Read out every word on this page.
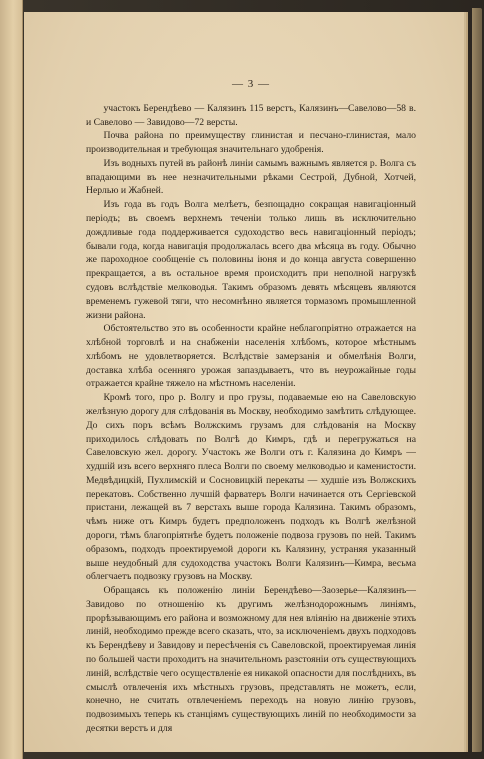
— 3 —

участокъ Берендѣево — Калязинъ 115 верстъ, Калязинъ—Савелово—58 в. и Савелово — Завидово—72 версты.

Почва района по преимуществу глинистая и песчано-глинистая, мало производительная и требующая значительнаго удобренія.

Изъ водныхъ путей въ районѣ линіи самымъ важнымъ является р. Волга съ впадающими въ нее незначительными рѣками Сестрой, Дубной, Хотчей, Нерлью и Жабней.

Изъ года въ годъ Волга мелѣетъ, безпощадно сокращая навигаціонный періодъ; въ своемъ верхнемъ теченіи только лишь въ исключительно дождливые года поддерживается судоходство весь навигаціонный періодъ; бывали года, когда навигація продолжалась всего два мѣсяца въ году. Обычно же пароходное сообщеніе съ половины іюня и до конца августа совершенно прекращается, а въ остальное время происходитъ при неполной нагрузкѣ судовъ вслѣдствіе мелководья. Такимъ образомъ девять мѣсяцевъ являются временемъ гужевой тяги, что несомнѣнно является тормазомъ промышленной жизни района.

Обстоятельство это въ особенности крайне неблагопріятно отражается на хлѣбной торговлѣ и на снабженіи населенія хлѣбомъ, которое мѣстнымъ хлѣбомъ не удовлетворяется. Вслѣдствіе замерзанія и обмелѣнія Волги, доставка хлѣба осенняго урожая запаздываетъ, что въ неурожайные годы отражается крайне тяжело на мѣстномъ населеніи.

Кромѣ того, про р. Волгу и про грузы, подаваемые ею на Савеловскую желѣзную дорогу для слѣдованія въ Москву, необходимо замѣтить слѣдующее. До сихъ поръ всѣмъ Волжскимъ грузамъ для слѣдованія на Москву приходилось слѣдовать по Волгѣ до Кимръ, гдѣ и перегружаться на Савеловскую жел. дорогу. Участокъ же Волги отъ г. Калязина до Кимръ — худшій изъ всего верхняго плеса Волги по своему мелководью и каменистости. Медвѣдицкій, Пухлимскій и Сосновицкій перекаты — худшіе изъ Волжскихъ перекатовъ. Собственно лучшій фарватеръ Волги начинается отъ Сергіевской пристани, лежащей въ 7 верстахъ выше города Калязина. Такимъ образомъ, чѣмъ ниже отъ Кимръ будетъ предположенъ подходъ къ Волгѣ желѣзной дороги, тѣмъ благопріятнѣе будетъ положеніе подвоза грузовъ по ней. Такимъ образомъ, подходъ проектируемой дороги къ Калязину, устраняя указанный выше неудобный для судоходства участокъ Волги Калязинъ—Кимра, весьма облегчаетъ подвозку грузовъ на Москву.

Обращаясь къ положенію линіи Берендѣево—Заозерье—Калязинъ—Завидово по отношенію къ другимъ желѣзнодорожнымъ линіямъ, прорѣзывающимъ его района и возможному для нея вліянію на движеніе этихъ линій, необходимо прежде всего сказать, что, за исключеніемъ двухъ подходовъ къ Берендѣеву и Завидову и пересѣченія съ Савеловской, проектируемая линія по большей части проходитъ на значительномъ разстояніи отъ существующихъ линій, вслѣдствіе чего осуществленіе ея никакой опасности для послѣднихъ, въ смыслѣ отвлеченія ихъ мѣстныхъ грузовъ, представлять не можетъ, если, конечно, не считать отвлеченіемъ переходъ на новую линію грузовъ, подвозимыхъ теперь къ станціямъ существующихъ линій по необходимости за десятки верстъ и для
